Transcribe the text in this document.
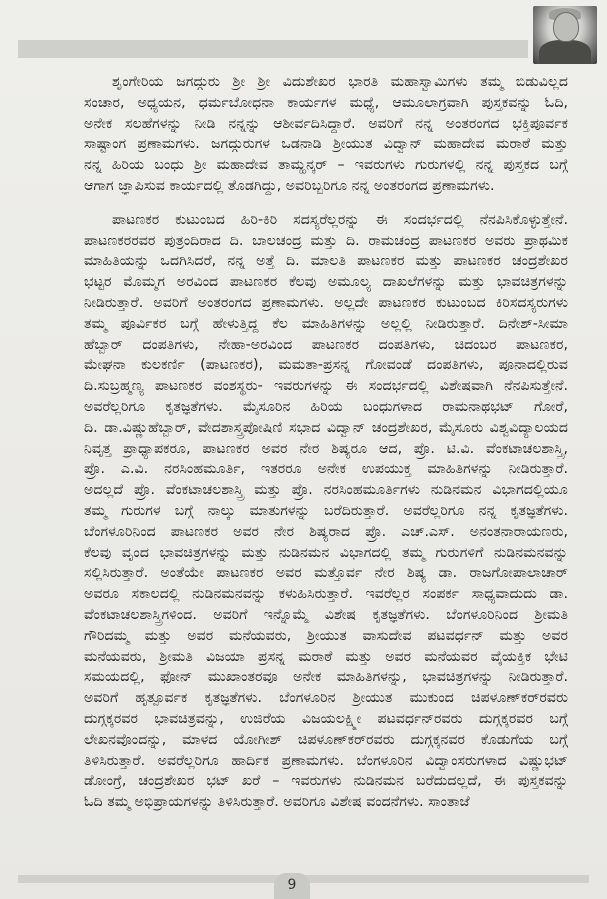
ಶೃಂಗೇರಿಯ ಜಗದ್ಗುರು ಶ್ರೀ ಶ್ರೀ ವಿದುಶೇಖರ ಭಾರತಿ ಮಹಾಸ್ವಾಮಿಗಳು ತಮ್ಮ ಬಿಡುವಿಲ್ಲದ
ಸಂಚಾರ, ಅಧ್ಯಯನ, ಧರ್ಮಬೋಧನಾ ಕಾರ್ಯಗಳ ಮಧ್ಯೆ, ಆಮೂಲಾಗ್ರವಾಗಿ ಪುಸ್ತಕವನ್ನು ಓದಿ,
ಅನೇಕ ಸಲಹೆಗಳನ್ನು ನೀಡಿ ನನ್ನನ್ನು ಆಶೀರ್ವದಿಸಿದ್ದಾರೆ. ಅವರಿಗೆ ನನ್ನ ಅಂತರಂಗದ ಭಕ್ತಿಪೂರ್ವಕ
ಸಾಷ್ಟಾಂಗ ಪ್ರಣಾಮಗಳು. ಜಗದ್ಗುರುಗಳ ಒಡನಾಡಿ ಶ್ರೀಯುತ ವಿದ್ವಾನ್ ಮಹಾದೇವ ಮರಾಠೆ ಮತ್ತು
ನನ್ನ ಹಿರಿಯ ಬಂಧು ಶ್ರೀ ಮಹಾದೇವ ತಾಮ್ಹನ್ಕರ್ – ಇವರುಗಳು ಗುರುಗಳಲ್ಲಿ ನನ್ನ ಪುಸ್ತಕದ ಬಗ್ಗೆ
ಆಗಾಗ ಜ್ಞಾಪಿಸುವ ಕಾರ್ಯದಲ್ಲಿ ತೊಡಗಿದ್ದು, ಅವರಿಬ್ಬರಿಗೂ ನನ್ನ ಅಂತರಂಗದ ಪ್ರಣಾಮಗಳು.
ಪಾಟಣಕರ ಕುಟುಂಬದ ಹಿರಿ-ಕಿರಿ ಸದಸ್ಯರೆಲ್ಲರನ್ನು ಈ ಸಂದರ್ಭದಲ್ಲಿ ನೆನಪಿಸಿಕೊಳ್ಳುತ್ತೇನೆ.
ಪಾಟಣಕರರವರ ಪುತ್ರಂದಿರಾದ ದಿ. ಬಾಲಚಂದ್ರ ಮತ್ತು ದಿ. ರಾಮಚಂದ್ರ ಪಾಟಣಕರ ಅವರು ಪ್ರಾಥಮಿಕ
ಮಾಹಿತಿಯನ್ನು ಒದಗಿಸಿದರೆ, ನನ್ನ ಅತ್ತೆ ದಿ. ಮಾಲತಿ ಪಾಟಣಕರ ಮತ್ತು ಪಾಟಣಕರ ಚಂದ್ರಶೇಖರ
ಭಟ್ಟರ ಮೊಮ್ಮಗ ಅರವಿಂದ ಪಾಟಣಕರ ಕೆಲವು ಅಮೂಲ್ಯ ದಾಖಲೆಗಳನ್ನು ಮತ್ತು ಭಾವಚಿತ್ರಗಳನ್ನು
ನೀಡಿರುತ್ತಾರೆ. ಅವರಿಗೆ ಅಂತರಂಗದ ಪ್ರಣಾಮಗಳು. ಅಲ್ಲದೇ ಪಾಟಣಕರ ಕುಟುಂಬದ ಕಿರಿಸದಸ್ಯರುಗಳು
ತಮ್ಮ ಪೂರ್ವಿಕರ ಬಗ್ಗೆ ಹೇಳುತ್ತಿದ್ದ ಕೆಲ ಮಾಹಿತಿಗಳನ್ನು ಅಲ್ಲಲ್ಲಿ ನೀಡಿರುತ್ತಾರೆ. ದಿನೇಶ್-ಸೀಮಾ
ಹೆಬ್ಬಾರ್ ದಂಪತಿಗಳು, ನೇಹಾ-ಅರವಿಂದ ಪಾಟಣಕರ ದಂಪತಿಗಳು, ಚಿದಂಬರ ಪಾಟಣಕರ,
ಮೇಘನಾ ಕುಲಕರ್ಣಿ (ಪಾಟಣಕರ), ಮಮತಾ-ಪ್ರಸನ್ನ ಗೋವಂಡೆ ದಂಪತಿಗಳು, ಪೂನಾದಲ್ಲಿರುವ
ದಿ.ಸುಬ್ರಹ್ಮಣ್ಯ ಪಾಟಣಕರ ವಂಶಸ್ಥರು- ಇವರುಗಳನ್ನು ಈ ಸಂದರ್ಭದಲ್ಲಿ ವಿಶೇಷವಾಗಿ ನೆನಪಿಸುತ್ತೇನೆ.
ಅವರೆಲ್ಲರಿಗೂ ಕೃತಜ್ಞತೆಗಳು. ಮೈಸೂರಿನ ಹಿರಿಯ ಬಂಧುಗಳಾದ ರಾಮನಾಥಭಟ್ ಗೋರೆ,
ದಿ. ಡಾ.ವಿಷ್ಣುಹೆಬ್ಬಾರ್, ವೇದಶಾಸ್ತ್ರಪೋಷಿಣಿ ಸಭಾದ ವಿದ್ವಾನ್ ಚಂದ್ರಶೇಖರ, ಮೈಸೂರು ವಿಶ್ವವಿದ್ಯಾಲಯದ
ನಿವೃತ್ತ ಪ್ರಾಧ್ಯಾಪಕರೂ, ಪಾಟಣಕರ ಅವರ ನೇರ ಶಿಷ್ಯರೂ ಆದ, ಪ್ರೊ. ಟಿ.ವಿ. ವೆಂಕಟಾಚಲಶಾಸ್ತ್ರಿ,
ಪ್ರೊ. ಎ.ವಿ. ನರಸಿಂಹಮೂರ್ತಿ, ಇತರರೂ ಅನೇಕ ಉಪಯುಕ್ತ ಮಾಹಿತಿಗಳನ್ನು ನೀಡಿರುತ್ತಾರೆ.
ಅದಲ್ಲದೆ ಪ್ರೊ. ವೆಂಕಟಾಚಲಶಾಸ್ತ್ರಿ ಮತ್ತು ಪ್ರೊ. ನರಸಿಂಹಮೂರ್ತಿಗಳು ನುಡಿನಮನ ವಿಭಾಗದಲ್ಲಿಯೂ
ತಮ್ಮ ಗುರುಗಳ ಬಗ್ಗೆ ನಾಲ್ಕು ಮಾತುಗಳನ್ನು ಬರೆದಿರುತ್ತಾರೆ. ಅವರೆಲ್ಲರಿಗೂ ನನ್ನ ಕೃತಜ್ಞತೆಗಳು.
ಬೆಂಗಳೂರಿನಿಂದ ಪಾಟಣಕರ ಅವರ ನೇರ ಶಿಷ್ಯರಾದ ಪ್ರೊ. ಎಚ್.ಎಸ್. ಅನಂತನಾರಾಯಣರು,
ಕೆಲವು ವೃಂದ ಭಾವಚಿತ್ರಗಳನ್ನು ಮತ್ತು ನುಡಿನಮನ ವಿಭಾಗದಲ್ಲಿ ತಮ್ಮ ಗುರುಗಳಿಗೆ ನುಡಿನಮನವನ್ನು
ಸಲ್ಲಿಸಿರುತ್ತಾರೆ. ಅಂತೆಯೇ ಪಾಟಣಕರ ಅವರ ಮತ್ತೊರ್ವ ನೇರ ಶಿಷ್ಯ ಡಾ. ರಾಜಗೋಪಾಲಾಚಾರ್
ಅವರೂ ಸಕಾಲದಲ್ಲಿ ನುಡಿನಮನವನ್ನು ಕಳುಹಿಸಿರುತ್ತಾರೆ. ಇವರೆಲ್ಲರ ಸಂಪರ್ಕ ಸಾಧ್ಯವಾದುದು ಡಾ.
ವೆಂಕಟಾಚಲಶಾಸ್ತ್ರಿಗಳಿಂದ. ಅವರಿಗೆ ಇನ್ನೊಮ್ಮೆ ವಿಶೇಷ ಕೃತಜ್ಞತೆಗಳು. ಬೆಂಗಳೂರಿನಿಂದ ಶ್ರೀಮತಿ
ಗೌರಿದಮ್ಮ ಮತ್ತು ಅವರ ಮನೆಯವರು, ಶ್ರೀಯುತ ವಾಸುದೇವ ಪಟವರ್ಧನ್ ಮತ್ತು ಅವರ
ಮನೆಯವರು, ಶ್ರೀಮತಿ ವಿಜಯಾ ಪ್ರಸನ್ನ ಮರಾಠೆ ಮತ್ತು ಅವರ ಮನೆಯವರ ವೈಯಕ್ತಿಕ ಭೇಟಿ
ಸಮಯದಲ್ಲಿ, ಫೋನ್ ಮುಖಾಂತರವೂ ಅನೇಕ ಮಾಹಿತಿಗಳನ್ನು, ಭಾವಚಿತ್ರಗಳನ್ನು ನೀಡಿರುತ್ತಾರೆ.
ಅವರಿಗೆ ಹೃತ್ಪೂರ್ವಕ ಕೃತಜ್ಞತೆಗಳು. ಬೆಂಗಳೂರಿನ ಶ್ರೀಯುತ ಮುಕುಂದ ಚಿಪಳೂಣ್‌ಕರ್‌ರವರು
ದುಗ್ಗಕ್ಕರವರ ಭಾವಚಿತ್ರವನ್ನು, ಉಜಿರೆಯ ವಿಜಯಲಕ್ಷ್ಮೀ ಪಟವರ್ಧನ್‌ರವರು ದುಗ್ಗಕ್ಕರವರ ಬಗ್ಗೆ
ಲೇಖನವೊಂದನ್ನು, ಮಾಳದ ಯೋಗೀಶ್ ಚಿಪಳೂಣ್‌ಕರ್‌ರವರು ದುಗ್ಗಕ್ಕನವರ ಕೊಡುಗೆಯ ಬಗ್ಗೆ
ತಿಳಿಸಿರುತ್ತಾರೆ. ಅವರೆಲ್ಲರಿಗೂ ಹಾರ್ದಿಕ ಪ್ರಣಾಮಗಳು. ಬೆಂಗಳೂರಿನ ವಿದ್ವಾಂಸರುಗಳಾದ ವಿಷ್ಣುಭಟ್
ಡೋಂಗ್ರೆ, ಚಂದ್ರಶೇಖರ ಭಟ್ ಖರೆ – ಇವರುಗಳು ನುಡಿನಮನ ಬರೆದುದಲ್ಲದೆ, ಈ ಪುಸ್ತಕವನ್ನು
ಓದಿ ತಮ್ಮ ಅಭಿಪ್ರಾಯಗಳನ್ನು ತಿಳಿಸಿರುತ್ತಾರೆ. ಅವರಿಗೂ ವಿಶೇಷ ವಂದನೆಗಳು. ಸಾಂತಾಜೆ
9
